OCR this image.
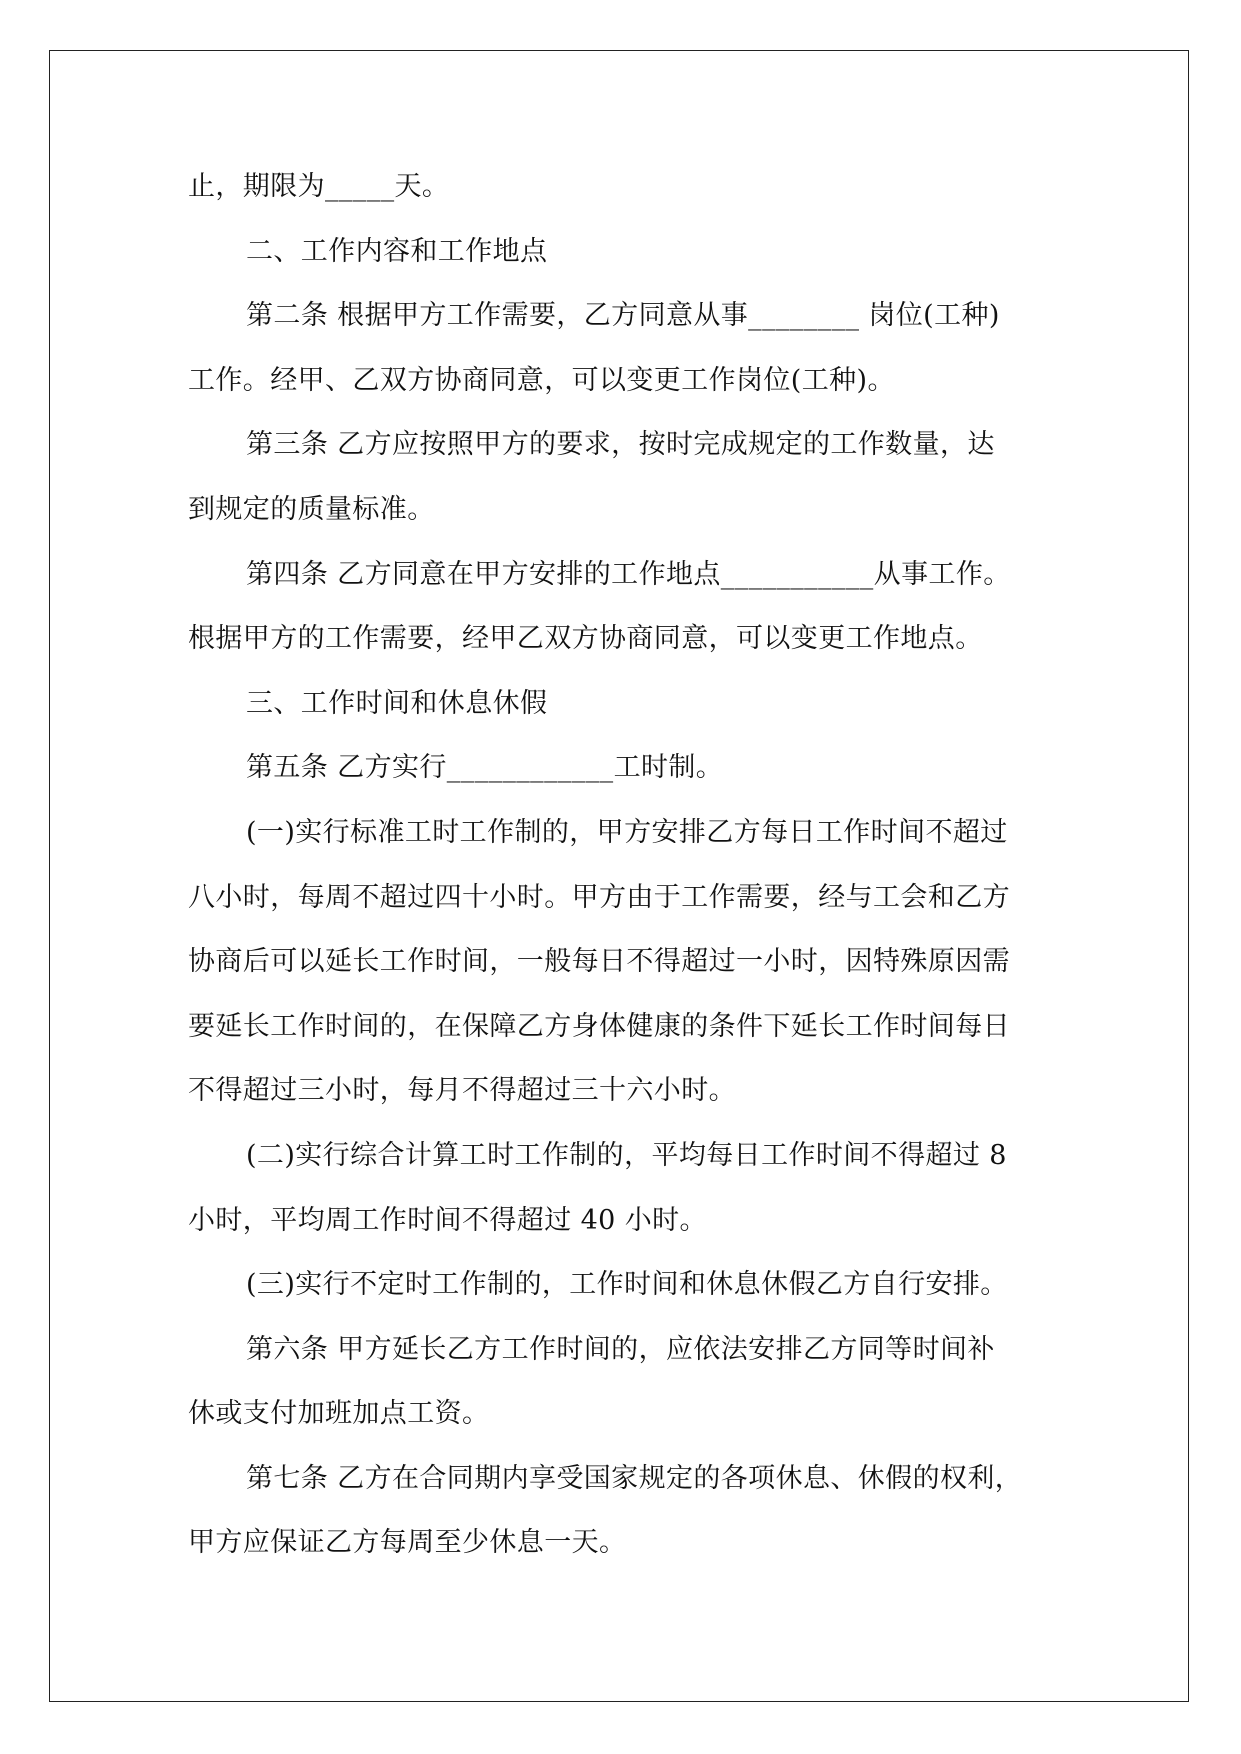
止，期限为_____天。
二、工作内容和工作地点
第二条 根据甲方工作需要，乙方同意从事________ 岗位(工种)
工作。经甲、乙双方协商同意，可以变更工作岗位(工种)。
第三条 乙方应按照甲方的要求，按时完成规定的工作数量，达
到规定的质量标准。
第四条 乙方同意在甲方安排的工作地点___________从事工作。
根据甲方的工作需要，经甲乙双方协商同意，可以变更工作地点。
三、工作时间和休息休假
第五条 乙方实行____________工时制。
(一)实行标准工时工作制的，甲方安排乙方每日工作时间不超过
八小时，每周不超过四十小时。甲方由于工作需要，经与工会和乙方
协商后可以延长工作时间，一般每日不得超过一小时，因特殊原因需
要延长工作时间的，在保障乙方身体健康的条件下延长工作时间每日
不得超过三小时，每月不得超过三十六小时。
(二)实行综合计算工时工作制的，平均每日工作时间不得超过 8
小时，平均周工作时间不得超过 40 小时。
(三)实行不定时工作制的，工作时间和休息休假乙方自行安排。
第六条 甲方延长乙方工作时间的，应依法安排乙方同等时间补
休或支付加班加点工资。
第七条 乙方在合同期内享受国家规定的各项休息、休假的权利，
甲方应保证乙方每周至少休息一天。
